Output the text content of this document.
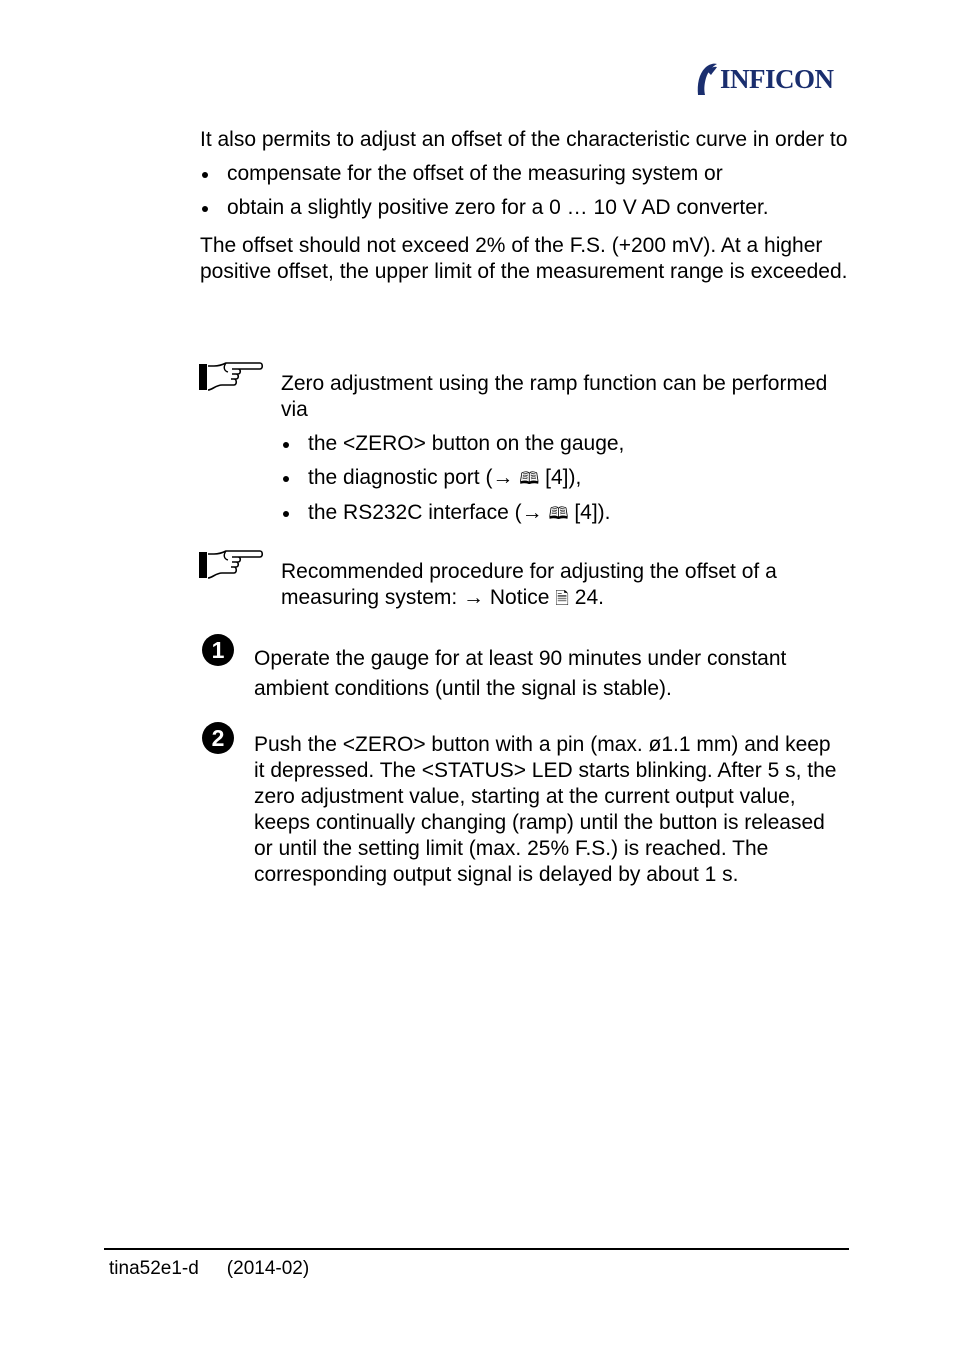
INFICON

It also permits to adjust an offset of the characteristic curve in order to

compensate for the offset of the measuring system or
obtain a slightly positive zero for a 0 … 10 V AD converter.

The offset should not exceed 2% of the F.S. (+200 mV). At a higher positive offset, the upper limit of the measurement range is exceeded.

Zero adjustment using the ramp function can be performed via

the <ZERO> button on the gauge,
the diagnostic port (→ 🕮 [4]),
the RS232C interface (→ 🕮 [4]).

Recommended procedure for adjusting the offset of a measuring system: → Notice 🗎 24.

1 Operate the gauge for at least 90 minutes under constant ambient conditions (until the signal is stable).
2 Push the <ZERO> button with a pin (max. ø1.1 mm) and keep it depressed. The <STATUS> LED starts blinking. After 5 s, the zero adjustment value, starting at the current output value, keeps continually changing (ramp) until the button is released or until the setting limit (max. 25% F.S.) is reached. The corresponding output signal is delayed by about 1 s.
tina52e1-d (2014-02)
